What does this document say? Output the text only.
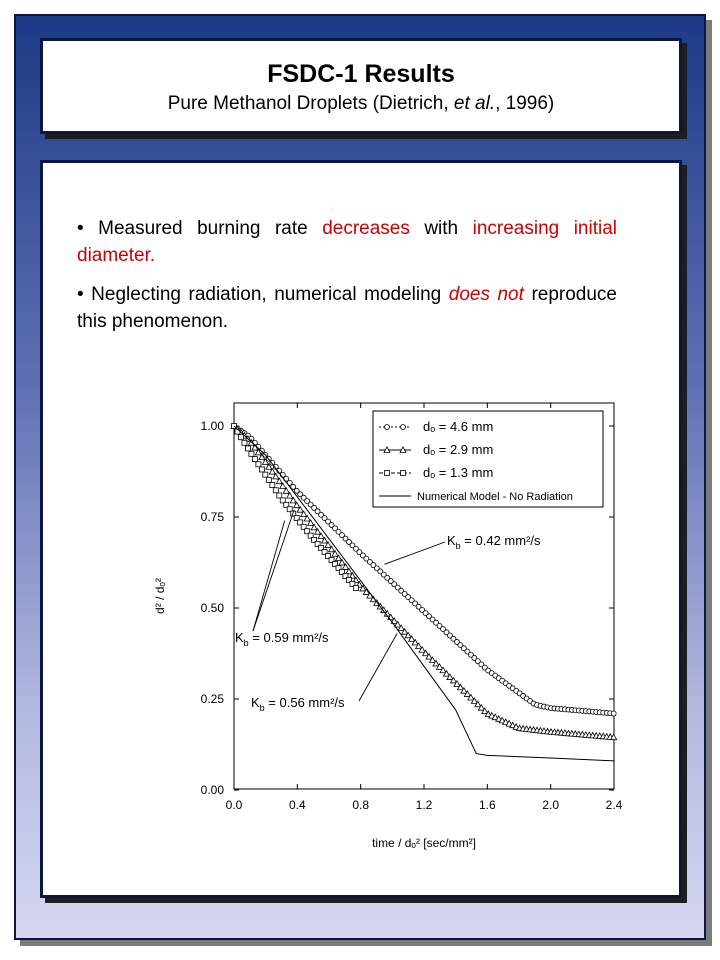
FSDC-1 Results
Pure Methanol Droplets (Dietrich, et al., 1996)

• Measured burning rate decreases with increasing initial diameter.

• Neglecting radiation, numerical modeling does not reproduce this phenomenon.

0.0	0.4	0.8	1.2	1.6	2.0	2.4
0.00
0.25
0.50
0.75
1.00
time / dₒ² [sec/mm²]
d² / dₒ²
dₒ = 4.6 mm
dₒ = 2.9 mm
dₒ = 1.3 mm
Numerical Model - No Radiation
$K_b = 0.42$ mm²/s
$K_b = 0.59$ mm²/s
$K_b = 0.56$ mm²/s
